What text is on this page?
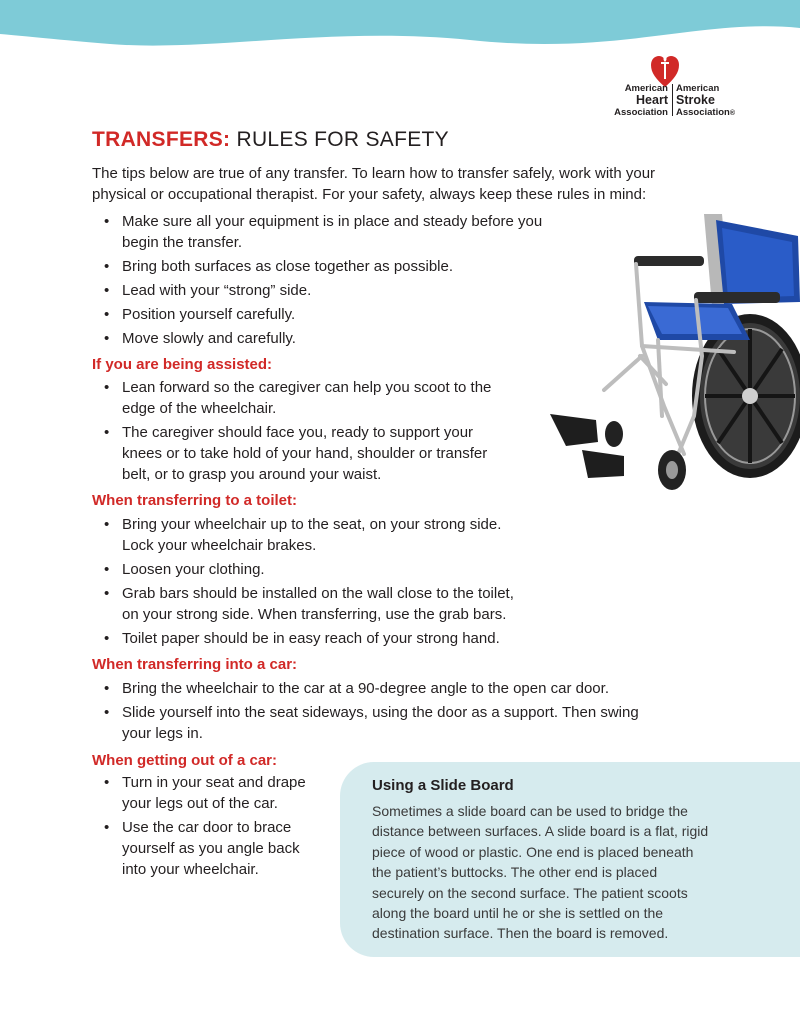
American
Heart
Association
American
Stroke
Association®
TRANSFERS: RULES FOR SAFETY

The tips below are true of any transfer. To learn how to transfer safely, work with your physical or occupational therapist. For your safety, always keep these rules in mind:

• Make sure all your equipment is in place and steady before you begin the transfer.
• Bring both surfaces as close together as possible.
• Lead with your “strong” side.
• Position yourself carefully.
• Move slowly and carefully.
If you are being assisted:
• Lean forward so the caregiver can help you scoot to the edge of the wheelchair.
• The caregiver should face you, ready to support your knees or to take hold of your hand, shoulder or transfer belt, or to grasp you around your waist.
When transferring to a toilet:
• Bring your wheelchair up to the seat, on your strong side. Lock your wheelchair brakes.
• Loosen your clothing.
• Grab bars should be installed on the wall close to the toilet, on your strong side. When transferring, use the grab bars.
• Toilet paper should be in easy reach of your strong hand.
When transferring into a car:
• Bring the wheelchair to the car at a 90-degree angle to the open car door.
• Slide yourself into the seat sideways, using the door as a support. Then swing your legs in.
When getting out of a car:
• Turn in your seat and drape your legs out of the car.
• Use the car door to brace yourself as you angle back into your wheelchair.
Using a Slide Board

Sometimes a slide board can be used to bridge the distance between surfaces. A slide board is a flat, rigid piece of wood or plastic. One end is placed beneath the patient’s buttocks. The other end is placed securely on the second surface. The patient scoots along the board until he or she is settled on the destination surface. Then the board is removed.
